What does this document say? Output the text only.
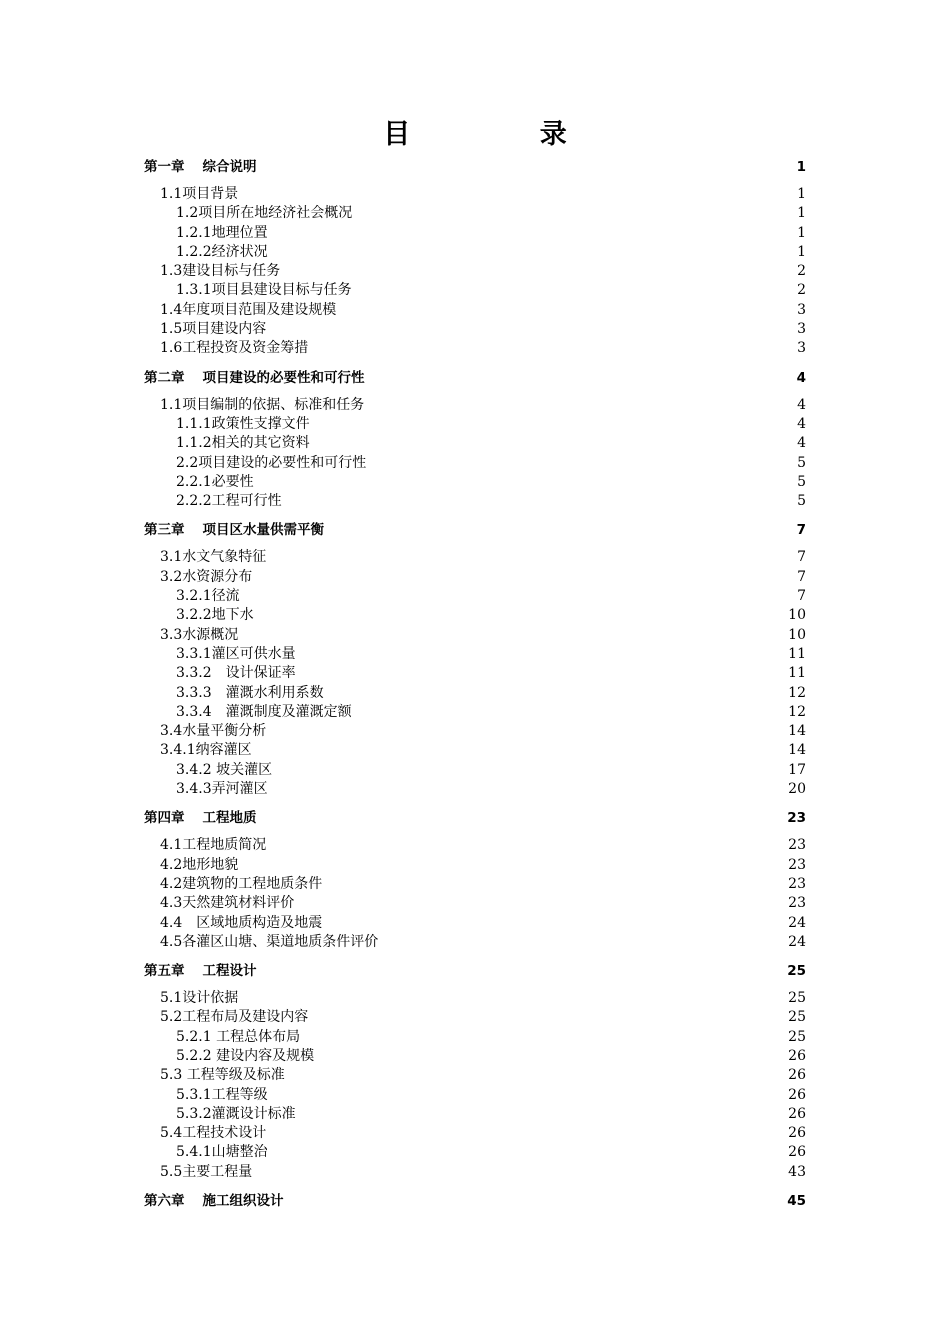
目 录
第一章 综合说明	1
1.1项目背景	1
1.2项目所在地经济社会概况	1
1.2.1地理位置	1
1.2.2经济状况	1
1.3建设目标与任务	2
1.3.1项目县建设目标与任务	2
1.4年度项目范围及建设规模	3
1.5项目建设内容	3
1.6工程投资及资金筹措	3
第二章 项目建设的必要性和可行性	4
1.1项目编制的依据、标准和任务	4
1.1.1政策性支撑文件	4
1.1.2相关的其它资料	4
2.2项目建设的必要性和可行性	5
2.2.1必要性	5
2.2.2工程可行性	5
第三章 项目区水量供需平衡	7
3.1水文气象特征	7
3.2水资源分布	7
3.2.1径流	7
3.2.2地下水	10
3.3水源概况	10
3.3.1灌区可供水量	11
3.3.2　设计保证率	11
3.3.3　灌溉水利用系数	12
3.3.4　灌溉制度及灌溉定额	12
3.4水量平衡分析	14
3.4.1纳容灌区	14
3.4.2 坡关灌区	17
3.4.3弄河灌区	20
第四章 工程地质	23
4.1工程地质简况	23
4.2地形地貌	23
4.2建筑物的工程地质条件	23
4.3天然建筑材料评价	23
4.4　区域地质构造及地震	24
4.5各灌区山塘、渠道地质条件评价	24
第五章 工程设计	25
5.1设计依据	25
5.2工程布局及建设内容	25
5.2.1 工程总体布局	25
5.2.2 建设内容及规模	26
5.3 工程等级及标准	26
5.3.1工程等级	26
5.3.2灌溉设计标准	26
5.4工程技术设计	26
5.4.1山塘整治	26
5.5主要工程量	43
第六章 施工组织设计	45
